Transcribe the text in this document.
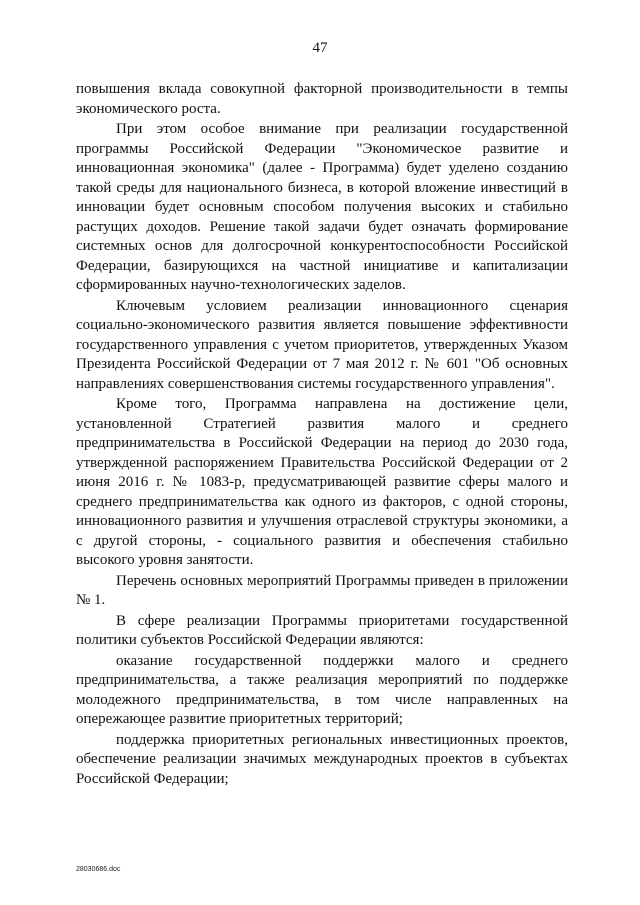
47

повышения вклада совокупной факторной производительности в темпы экономического роста.

При этом особое внимание при реализации государственной программы Российской Федерации "Экономическое развитие и инновационная экономика" (далее - Программа) будет уделено созданию такой среды для национального бизнеса, в которой вложение инвестиций в инновации будет основным способом получения высоких и стабильно растущих доходов. Решение такой задачи будет означать формирование системных основ для долгосрочной конкурентоспособности Российской Федерации, базирующихся на частной инициативе и капитализации сформированных научно-технологических заделов.

Ключевым условием реализации инновационного сценария социально-экономического развития является повышение эффективности государственного управления с учетом приоритетов, утвержденных Указом Президента Российской Федерации от 7 мая 2012 г. № 601 "Об основных направлениях совершенствования системы государственного управления".

Кроме того, Программа направлена на достижение цели, установленной Стратегией развития малого и среднего предпринимательства в Российской Федерации на период до 2030 года, утвержденной распоряжением Правительства Российской Федерации от 2 июня 2016 г. № 1083-р, предусматривающей развитие сферы малого и среднего предпринимательства как одного из факторов, с одной стороны, инновационного развития и улучшения отраслевой структуры экономики, а с другой стороны, - социального развития и обеспечения стабильно высокого уровня занятости.

Перечень основных мероприятий Программы приведен в приложении № 1.

В сфере реализации Программы приоритетами государственной политики субъектов Российской Федерации являются:

оказание государственной поддержки малого и среднего предпринимательства, а также реализация мероприятий по поддержке молодежного предпринимательства, в том числе направленных на опережающее развитие приоритетных территорий;

поддержка приоритетных региональных инвестиционных проектов, обеспечение реализации значимых международных проектов в субъектах Российской Федерации;

28030686.doc
